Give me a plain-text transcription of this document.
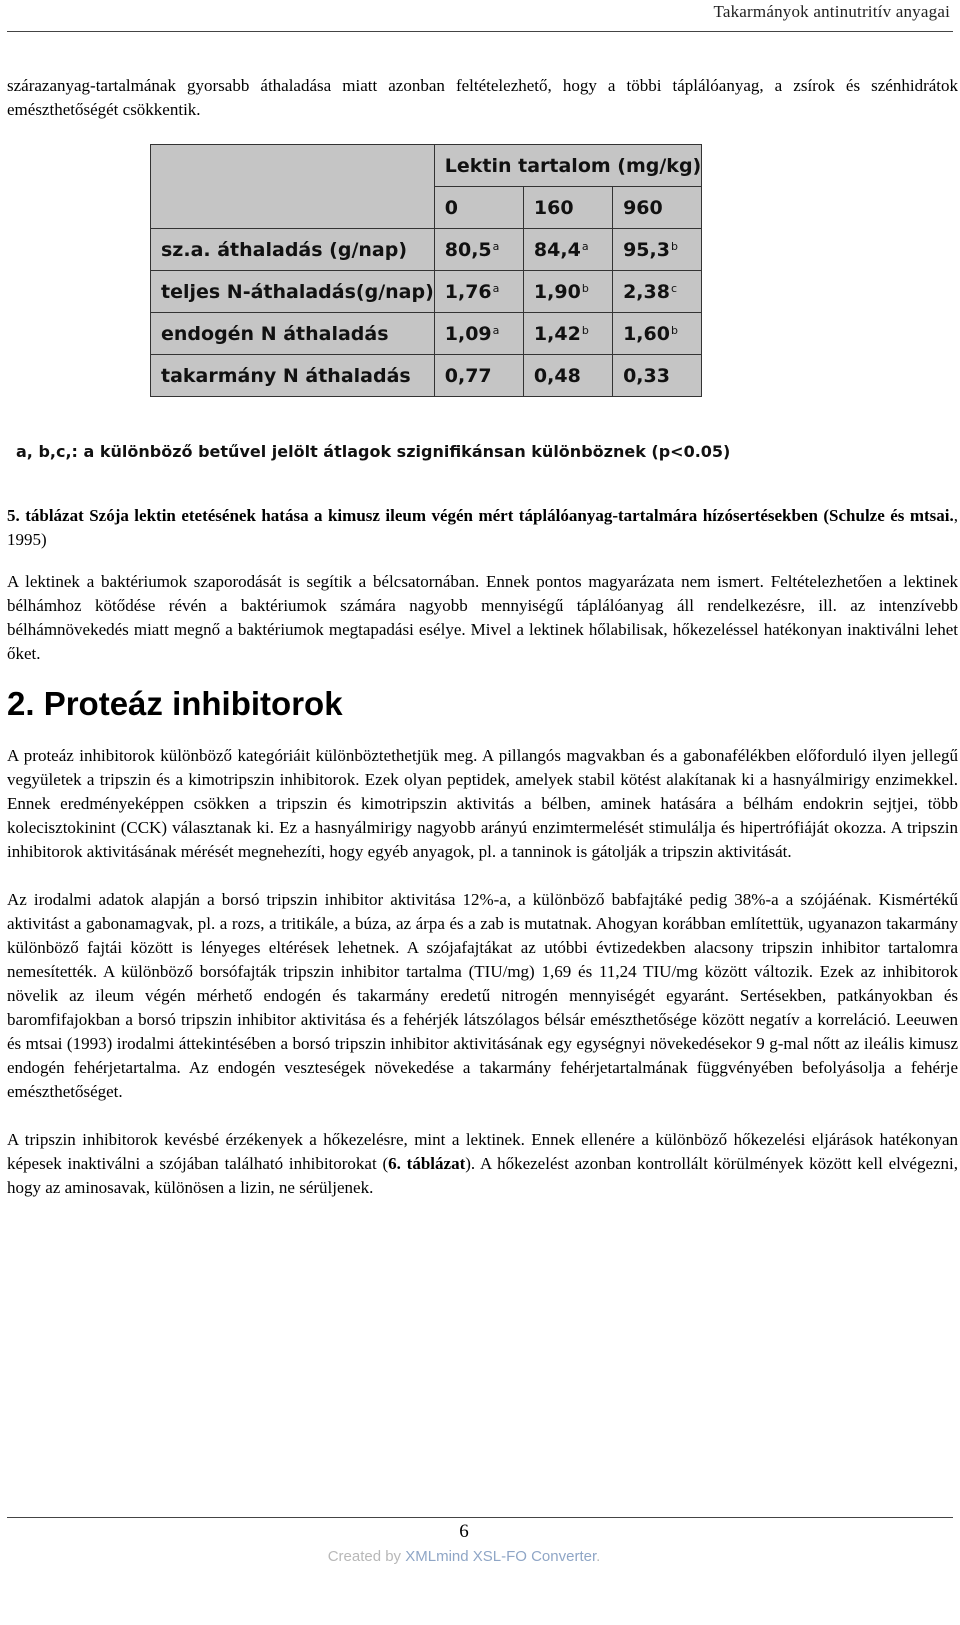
Takarmányok antinutritív anyagai

szárazanyag-tartalmának gyorsabb áthaladása miatt azonban feltételezhető, hogy a többi táplálóanyag, a zsírok és szénhidrátok emészthetőségét csökkentik.

	Lektin tartalom (mg/kg)		
	0	160	960
sz.a. áthaladás (g/nap)	80,5$^a$	84,4$^a$	95,3$^b$
teljes N-áthaladás(g/nap)	1,76$^a$	1,90$^b$	2,38$^c$
endogén N áthaladás	1,09$^a$	1,42$^b$	1,60$^b$
takarmány N áthaladás	0,77	0,48	0,33
a, b,c,: a különböző betűvel jelölt átlagok szignifikánsan különböznek (p<0.05)

5. táblázat Szója lektin etetésének hatása a kimusz ileum végén mért táplálóanyag-tartalmára hízósertésekben (Schulze és mtsai., 1995)

A lektinek a baktériumok szaporodását is segítik a bélcsatornában. Ennek pontos magyarázata nem ismert. Feltételezhetően a lektinek bélhámhoz kötődése révén a baktériumok számára nagyobb mennyiségű táplálóanyag áll rendelkezésre, ill. az intenzívebb bélhámnövekedés miatt megnő a baktériumok megtapadási esélye. Mivel a lektinek hőlabilisak, hőkezeléssel hatékonyan inaktiválni lehet őket.

2. Proteáz inhibitorok

A proteáz inhibitorok különböző kategóriáit különböztethetjük meg. A pillangós magvakban és a gabonafélékben előforduló ilyen jellegű vegyületek a tripszin és a kimotripszin inhibitorok. Ezek olyan peptidek, amelyek stabil kötést alakítanak ki a hasnyálmirigy enzimekkel. Ennek eredményeképpen csökken a tripszin és kimotripszin aktivitás a bélben, aminek hatására a bélhám endokrin sejtjei, több kolecisztokinint (CCK) választanak ki. Ez a hasnyálmirigy nagyobb arányú enzimtermelését stimulálja és hipertrófiáját okozza. A tripszin inhibitorok aktivitásának mérését megnehezíti, hogy egyéb anyagok, pl. a tanninok is gátolják a tripszin aktivitását.

Az irodalmi adatok alapján a borsó tripszin inhibitor aktivitása 12%-a, a különböző babfajtáké pedig 38%-a a szójáénak. Kismértékű aktivitást a gabonamagvak, pl. a rozs, a tritikále, a búza, az árpa és a zab is mutatnak. Ahogyan korábban említettük, ugyanazon takarmány különböző fajtái között is lényeges eltérések lehetnek. A szójafajtákat az utóbbi évtizedekben alacsony tripszin inhibitor tartalomra nemesítették. A különböző borsófajták tripszin inhibitor tartalma (TIU/mg) 1,69 és 11,24 TIU/mg között változik. Ezek az inhibitorok növelik az ileum végén mérhető endogén és takarmány eredetű nitrogén mennyiségét egyaránt. Sertésekben, patkányokban és baromfifajokban a borsó tripszin inhibitor aktivitása és a fehérjék látszólagos bélsár emészthetősége között negatív a korreláció. Leeuwen és mtsai (1993) irodalmi áttekintésében a borsó tripszin inhibitor aktivitásának egy egységnyi növekedésekor 9 g-mal nőtt az ileális kimusz endogén fehérjetartalma. Az endogén veszteségek növekedése a takarmány fehérjetartalmának függvényében befolyásolja a fehérje emészthetőséget.

A tripszin inhibitorok kevésbé érzékenyek a hőkezelésre, mint a lektinek. Ennek ellenére a különböző hőkezelési eljárások hatékonyan képesek inaktiválni a szójában található inhibitorokat (6. táblázat). A hőkezelést azonban kontrollált körülmények között kell elvégezni, hogy az aminosavak, különösen a lizin, ne sérüljenek.

6
Created by XMLmind XSL-FO Converter.
